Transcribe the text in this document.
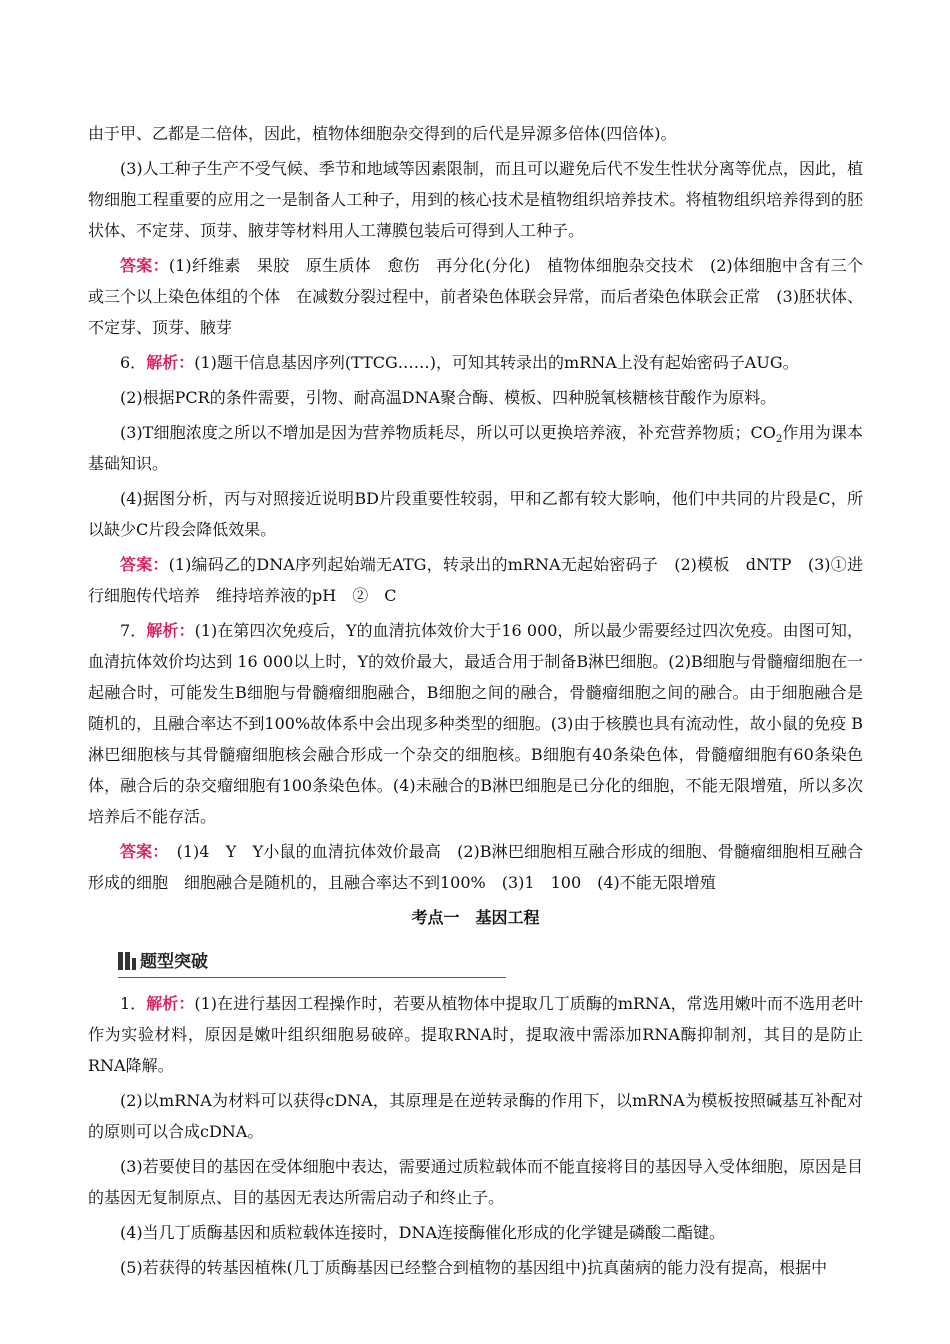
由于甲、乙都是二倍体，因此，植物体细胞杂交得到的后代是异源多倍体(四倍体)。

(3)人工种子生产不受气候、季节和地域等因素限制，而且可以避免后代不发生性状分离等优点，因此，植物细胞工程重要的应用之一是制备人工种子，用到的核心技术是植物组织培养技术。将植物组织培养得到的胚状体、不定芽、顶芽、腋芽等材料用人工薄膜包装后可得到人工种子。

答案：(1)纤维素　果胶　原生质体　愈伤　再分化(分化)　植物体细胞杂交技术　(2)体细胞中含有三个或三个以上染色体组的个体　在减数分裂过程中，前者染色体联会异常，而后者染色体联会正常　(3)胚状体、不定芽、顶芽、腋芽

6．解析：(1)题干信息基因序列(TTCG……)，可知其转录出的mRNA上没有起始密码子AUG。

(2)根据PCR的条件需要，引物、耐高温DNA聚合酶、模板、四种脱氧核糖核苷酸作为原料。

(3)T细胞浓度之所以不增加是因为营养物质耗尽，所以可以更换培养液，补充营养物质；$CO_2$作用为课本基础知识。

(4)据图分析，丙与对照接近说明BD片段重要性较弱，甲和乙都有较大影响，他们中共同的片段是C，所以缺少C片段会降低效果。

答案：(1)编码乙的DNA序列起始端无ATG，转录出的mRNA无起始密码子　(2)模板　dNTP　(3)①进行细胞传代培养　维持培养液的pH　②　C

7．解析：(1)在第四次免疫后，Y的血清抗体效价大于16 000，所以最少需要经过四次免疫。由图可知，血清抗体效价均达到 16 000以上时，Y的效价最大，最适合用于制备B淋巴细胞。(2)B细胞与骨髓瘤细胞在一起融合时，可能发生B细胞与骨髓瘤细胞融合，B细胞之间的融合，骨髓瘤细胞之间的融合。由于细胞融合是随机的，且融合率达不到100%故体系中会出现多种类型的细胞。(3)由于核膜也具有流动性，故小鼠的免疫 B淋巴细胞核与其骨髓瘤细胞核会融合形成一个杂交的细胞核。B细胞有40条染色体，骨髓瘤细胞有60条染色体，融合后的杂交瘤细胞有100条染色体。(4)未融合的B淋巴细胞是已分化的细胞，不能无限增殖，所以多次培养后不能存活。

答案：　(1)4　Y　Y小鼠的血清抗体效价最高　(2)B淋巴细胞相互融合形成的细胞、骨髓瘤细胞相互融合形成的细胞　细胞融合是随机的，且融合率达不到100%　(3)1　100　(4)不能无限增殖

考点一　基因工程

题型突破

1．解析：(1)在进行基因工程操作时，若要从植物体中提取几丁质酶的mRNA，常选用嫩叶而不选用老叶作为实验材料，原因是嫩叶组织细胞易破碎。提取RNA时，提取液中需添加RNA酶抑制剂，其目的是防止RNA降解。

(2)以mRNA为材料可以获得cDNA，其原理是在逆转录酶的作用下，以mRNA为模板按照碱基互补配对的原则可以合成cDNA。

(3)若要使目的基因在受体细胞中表达，需要通过质粒载体而不能直接将目的基因导入受体细胞，原因是目的基因无复制原点、目的基因无表达所需启动子和终止子。

(4)当几丁质酶基因和质粒载体连接时，DNA连接酶催化形成的化学键是磷酸二酯键。

(5)若获得的转基因植株(几丁质酶基因已经整合到植物的基因组中)抗真菌病的能力没有提高，根据中
